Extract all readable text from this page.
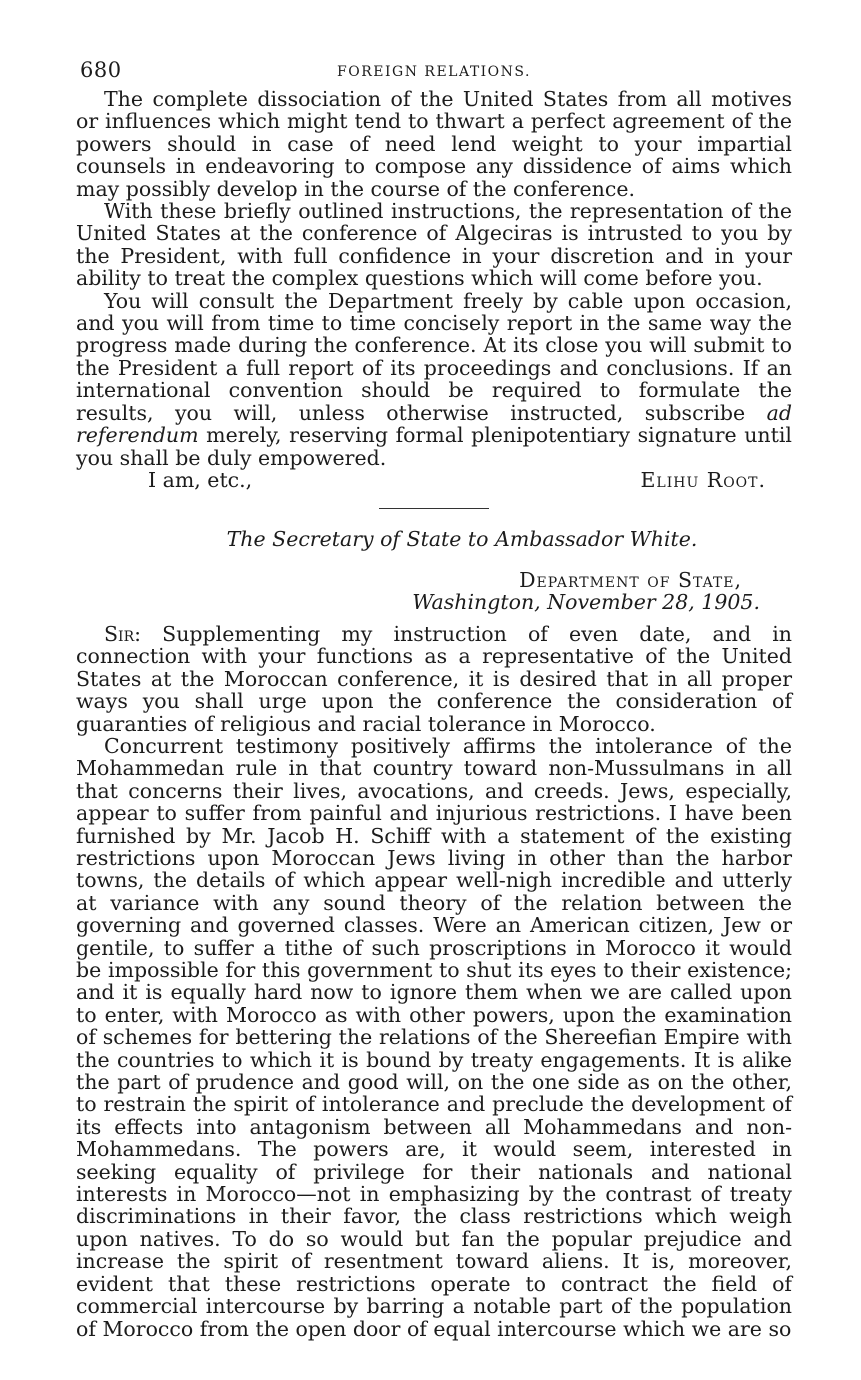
680	FOREIGN RELATIONS.

The complete dissociation of the United States from all motives or influences which might tend to thwart a perfect agreement of the powers should in case of need lend weight to your impartial counsels in endeavoring to compose any dissidence of aims which may possibly develop in the course of the conference.

With these briefly outlined instructions, the representation of the United States at the conference of Algeciras is intrusted to you by the President, with full confidence in your discretion and in your ability to treat the complex questions which will come before you.

You will consult the Department freely by cable upon occasion, and you will from time to time concisely report in the same way the progress made during the conference. At its close you will submit to the President a full report of its proceedings and conclusions. If an international convention should be required to formulate the results, you will, unless otherwise instructed, subscribe ad referendum merely, reserving formal plenipotentiary signature until you shall be duly empowered.

I am, etc.,	Elihu Root.
The Secretary of State to Ambassador White.
Department of State,
Washington, November 28, 1905.

Sir: Supplementing my instruction of even date, and in connection with your functions as a representative of the United States at the Moroccan conference, it is desired that in all proper ways you shall urge upon the conference the consideration of guaranties of religious and racial tolerance in Morocco.

Concurrent testimony positively affirms the intolerance of the Mohammedan rule in that country toward non-Mussulmans in all that concerns their lives, avocations, and creeds. Jews, especially, appear to suffer from painful and injurious restrictions. I have been furnished by Mr. Jacob H. Schiff with a statement of the existing restrictions upon Moroccan Jews living in other than the harbor towns, the details of which appear well-nigh incredible and utterly at variance with any sound theory of the relation between the governing and governed classes. Were an American citizen, Jew or gentile, to suffer a tithe of such proscriptions in Morocco it would be impossible for this government to shut its eyes to their existence; and it is equally hard now to ignore them when we are called upon to enter, with Morocco as with other powers, upon the examination of schemes for bettering the relations of the Shereefian Empire with the countries to which it is bound by treaty engagements. It is alike the part of prudence and good will, on the one side as on the other, to restrain the spirit of intolerance and preclude the development of its effects into antagonism between all Mohammedans and non-Mohammedans. The powers are, it would seem, interested in seeking equality of privilege for their nationals and national interests in Morocco—not in emphasizing by the contrast of treaty discriminations in their favor, the class restrictions which weigh upon natives. To do so would but fan the popular prejudice and increase the spirit of resentment toward aliens. It is, moreover, evident that these restrictions operate to contract the field of commercial intercourse by barring a notable part of the population of Morocco from the open door of equal intercourse which we are so
